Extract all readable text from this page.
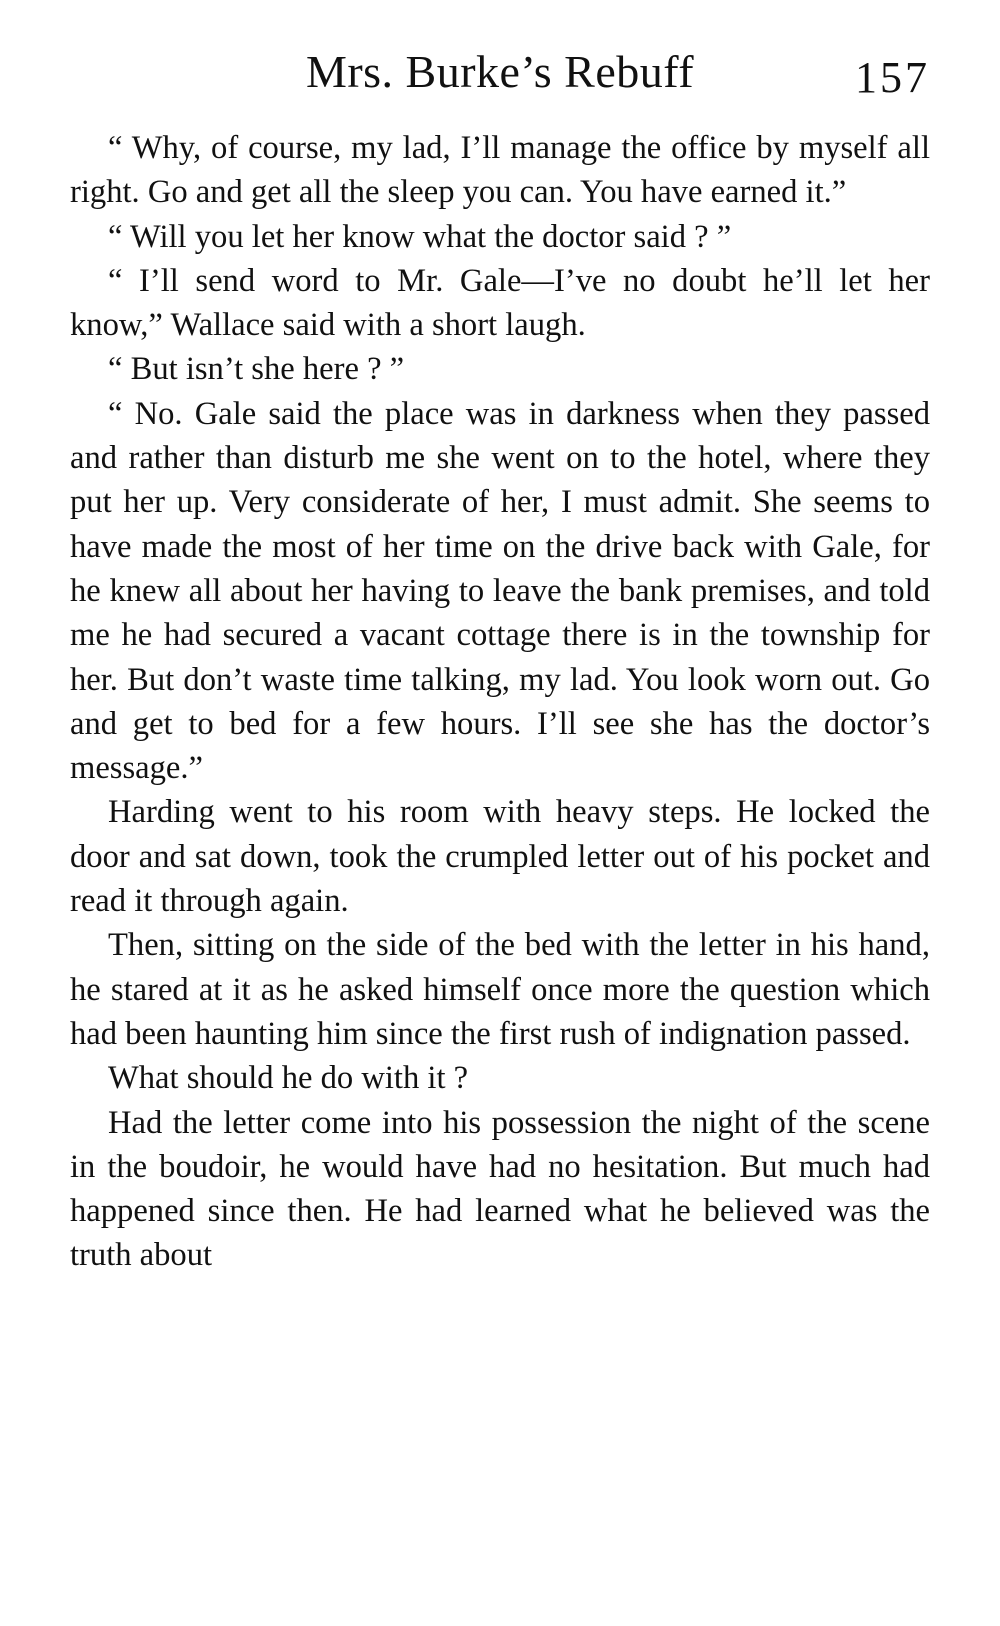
Mrs. Burke’s Rebuff	157

“ Why, of course, my lad, I’ll manage the office by myself all right. Go and get all the sleep you can. You have earned it.”

“ Will you let her know what the doctor said ? ”

“ I’ll send word to Mr. Gale—I’ve no doubt he’ll let her know,” Wallace said with a short laugh.

“ But isn’t she here ? ”

“ No. Gale said the place was in darkness when they passed and rather than disturb me she went on to the hotel, where they put her up. Very considerate of her, I must admit. She seems to have made the most of her time on the drive back with Gale, for he knew all about her having to leave the bank premises, and told me he had secured a vacant cottage there is in the township for her. But don’t waste time talking, my lad. You look worn out. Go and get to bed for a few hours. I’ll see she has the doctor’s message.”

Harding went to his room with heavy steps. He locked the door and sat down, took the crumpled letter out of his pocket and read it through again.

Then, sitting on the side of the bed with the letter in his hand, he stared at it as he asked himself once more the question which had been haunting him since the first rush of indignation passed.

What should he do with it ?

Had the letter come into his possession the night of the scene in the boudoir, he would have had no hesitation. But much had happened since then. He had learned what he believed was the truth about
